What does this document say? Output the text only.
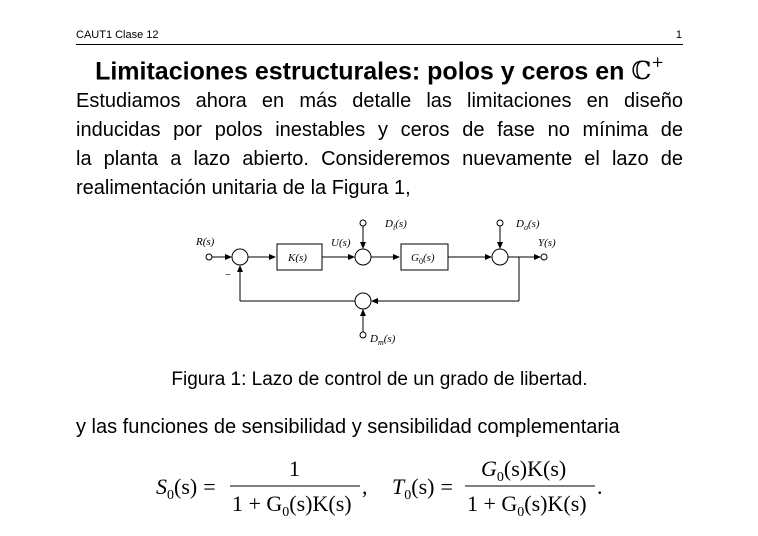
CAUT1 Clase 12	1
Limitaciones estructurales: polos y ceros en ℂ+
Estudiamos ahora en más detalle las limitaciones en diseño
inducidas por polos inestables y ceros de fase no mínima de
la planta a lazo abierto. Consideremos nuevamente el lazo de
realimentación unitaria de la Figura 1,
R(s)	U(s)	Y(s)
$D_i(s)$	$D_o(s)$
$D_m(s)$
K(s)	$G_0(s)$
−
Figura 1: Lazo de control de un grado de libertad.
y las funciones de sensibilidad y sensibilidad complementaria
$S_0(s)$ =
1
$1 + G_0(s)K(s)$
, $T_0(s)$ =
$G_0(s)K(s)$
$1 + G_0(s)K(s)$
.
